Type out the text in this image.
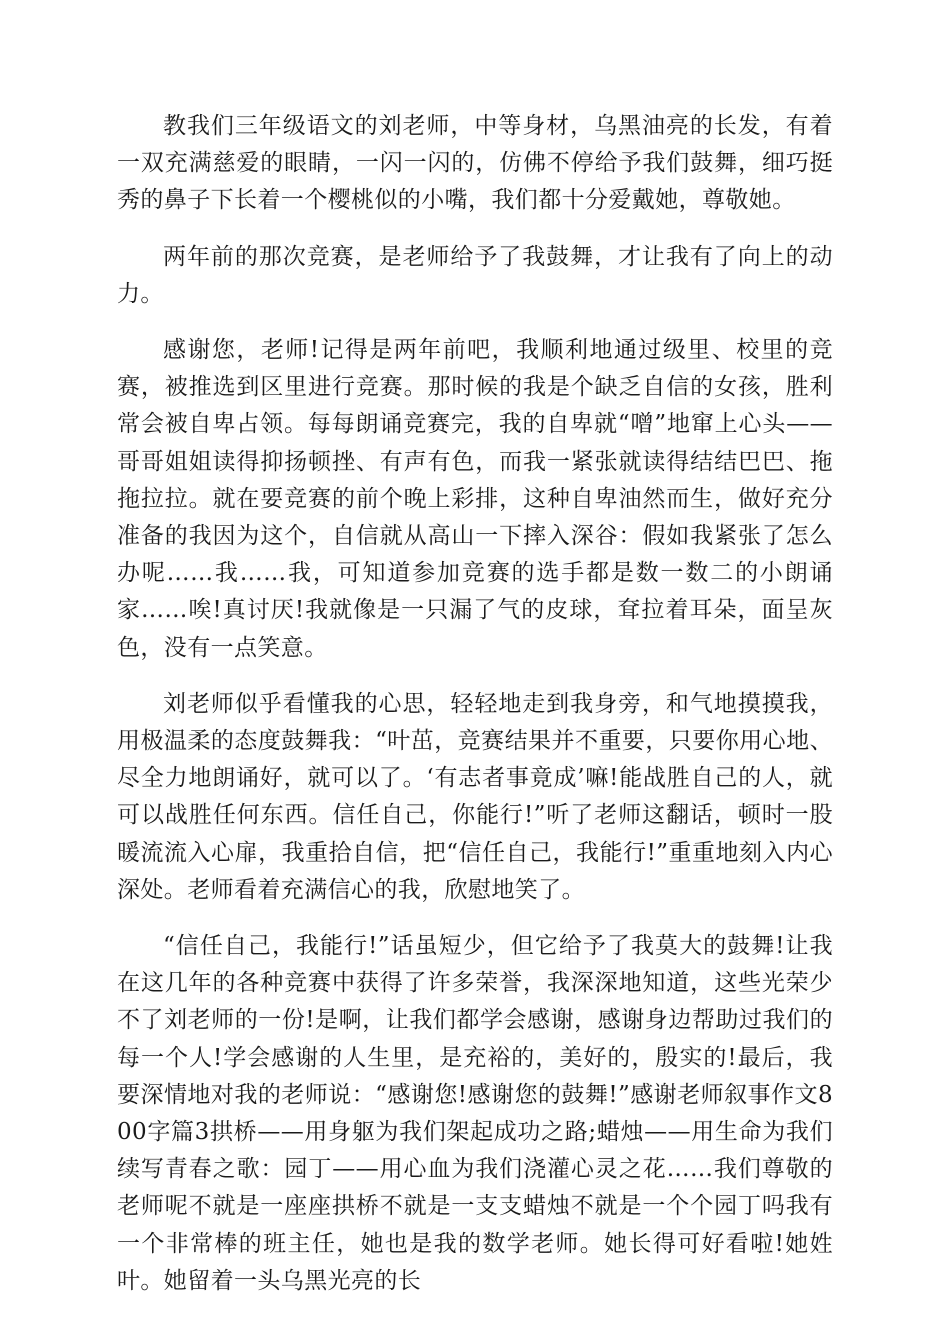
教我们三年级语文的刘老师，中等身材，乌黑油亮的长发，有着一双充满慈爱的眼睛，一闪一闪的，仿佛不停给予我们鼓舞，细巧挺秀的鼻子下长着一个樱桃似的小嘴，我们都十分爱戴她，尊敬她。

两年前的那次竞赛，是老师给予了我鼓舞，才让我有了向上的动力。

感谢您，老师!记得是两年前吧，我顺利地通过级里、校里的竞赛，被推选到区里进行竞赛。那时候的我是个缺乏自信的女孩，胜利常会被自卑占领。每每朗诵竞赛完，我的自卑就“噌”地窜上心头——哥哥姐姐读得抑扬顿挫、有声有色，而我一紧张就读得结结巴巴、拖拖拉拉。就在要竞赛的前个晚上彩排，这种自卑油然而生，做好充分准备的我因为这个，自信就从高山一下摔入深谷：假如我紧张了怎么办呢……我……我，可知道参加竞赛的选手都是数一数二的小朗诵家……唉!真讨厌!我就像是一只漏了气的皮球，耷拉着耳朵，面呈灰色，没有一点笑意。

刘老师似乎看懂我的心思，轻轻地走到我身旁，和气地摸摸我，用极温柔的态度鼓舞我：“叶茁，竞赛结果并不重要，只要你用心地、尽全力地朗诵好，就可以了。‘有志者事竟成’嘛!能战胜自己的人，就可以战胜任何东西。信任自己，你能行!”听了老师这翻话，顿时一股暖流流入心扉，我重拾自信，把“信任自己，我能行!”重重地刻入内心深处。老师看着充满信心的我，欣慰地笑了。

“信任自己，我能行!”话虽短少，但它给予了我莫大的鼓舞!让我在这几年的各种竞赛中获得了许多荣誉，我深深地知道，这些光荣少不了刘老师的一份!是啊，让我们都学会感谢，感谢身边帮助过我们的每一个人!学会感谢的人生里，是充裕的，美好的，殷实的!最后，我要深情地对我的老师说：“感谢您!感谢您的鼓舞!”感谢老师叙事作文800字篇3拱桥——用身躯为我们架起成功之路;蜡烛——用生命为我们续写青春之歌：园丁——用心血为我们浇灌心灵之花……我们尊敬的老师呢不就是一座座拱桥不就是一支支蜡烛不就是一个个园丁吗我有一个非常棒的班主任，她也是我的数学老师。她长得可好看啦!她姓叶。她留着一头乌黑光亮的长
